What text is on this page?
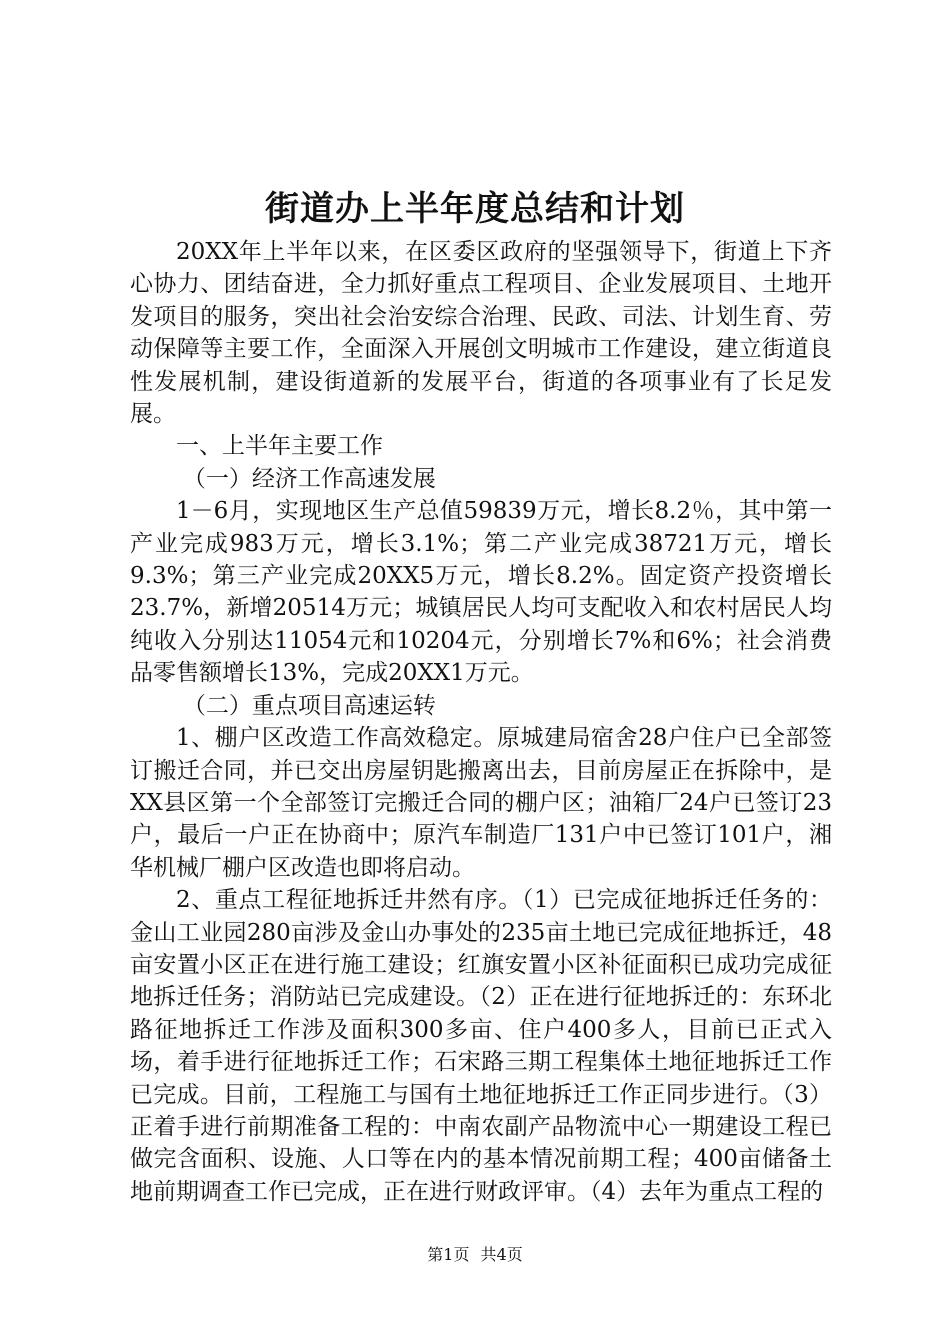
街道办上半年度总结和计划

20XX年上半年以来，在区委区政府的坚强领导下，街道上下齐心协力、团结奋进，全力抓好重点工程项目、企业发展项目、土地开发项目的服务，突出社会治安综合治理、民政、司法、计划生育、劳动保障等主要工作，全面深入开展创文明城市工作建设，建立街道良性发展机制，建设街道新的发展平台，街道的各项事业有了长足发展。

一、上半年主要工作

（一）经济工作高速发展

1－6月，实现地区生产总值59839万元，增长8.2％，其中第一产业完成983万元，增长3.1%；第二产业完成38721万元，增长9.3%；第三产业完成20XX5万元，增长8.2%。固定资产投资增长23.7%，新增20514万元；城镇居民人均可支配收入和农村居民人均纯收入分别达11054元和10204元，分别增长7%和6%；社会消费品零售额增长13%，完成20XX1万元。

（二）重点项目高速运转

1、棚户区改造工作高效稳定。原城建局宿舍28户住户已全部签订搬迁合同，并已交出房屋钥匙搬离出去，目前房屋正在拆除中，是XX县区第一个全部签订完搬迁合同的棚户区；油箱厂24户已签订23户，最后一户正在协商中；原汽车制造厂131户中已签订101户，湘华机械厂棚户区改造也即将启动。

2、重点工程征地拆迁井然有序。（1）已完成征地拆迁任务的：金山工业园280亩涉及金山办事处的235亩土地已完成征地拆迁，48亩安置小区正在进行施工建设；红旗安置小区补征面积已成功完成征地拆迁任务；消防站已完成建设。（2）正在进行征地拆迁的：东环北路征地拆迁工作涉及面积300多亩、住户400多人，目前已正式入场，着手进行征地拆迁工作；石宋路三期工程集体土地征地拆迁工作已完成。目前，工程施工与国有土地征地拆迁工作正同步进行。（3）正着手进行前期准备工程的：中南农副产品物流中心一期建设工程已做完含面积、设施、人口等在内的基本情况前期工程；400亩储备土地前期调查工作已完成，正在进行财政评审。（4）去年为重点工程的

第1页 共4页
